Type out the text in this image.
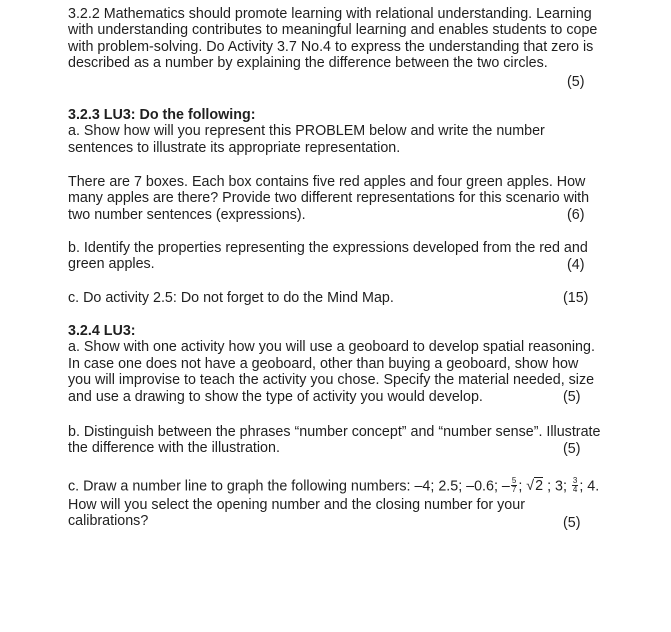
3.2.2 Mathematics should promote learning with relational understanding. Learning
with understanding contributes to meaningful learning and enables students to cope
with problem-solving. Do Activity 3.7 No.4 to express the understanding that zero is
described as a number by explaining the difference between the two circles.
(5)
3.2.3 LU3: Do the following:
a. Show how will you represent this PROBLEM below and write the number
sentences to illustrate its appropriate representation.
There are 7 boxes. Each box contains five red apples and four green apples. How
many apples are there? Provide two different representations for this scenario with
two number sentences (expressions).	(6)
b. Identify the properties representing the expressions developed from the red and
green apples.	(4)
c. Do activity 2.5: Do not forget to do the Mind Map.	(15)
3.2.4 LU3:
a. Show with one activity how you will use a geoboard to develop spatial reasoning.
In case one does not have a geoboard, other than buying a geoboard, show how
you will improvise to teach the activity you chose. Specify the material needed, size
and use a drawing to show the type of activity you would develop.	(5)
b. Distinguish between the phrases “number concept” and “number sense”. Illustrate
the difference with the illustration.	(5)
c. Draw a number line to graph the following numbers: –4; 2.5; –0.6; – $\frac{5}{7}$ ; √2 ; 3; $\frac{3}{4}$ ; 4.
How will you select the opening number and the closing number for your
calibrations?	(5)
